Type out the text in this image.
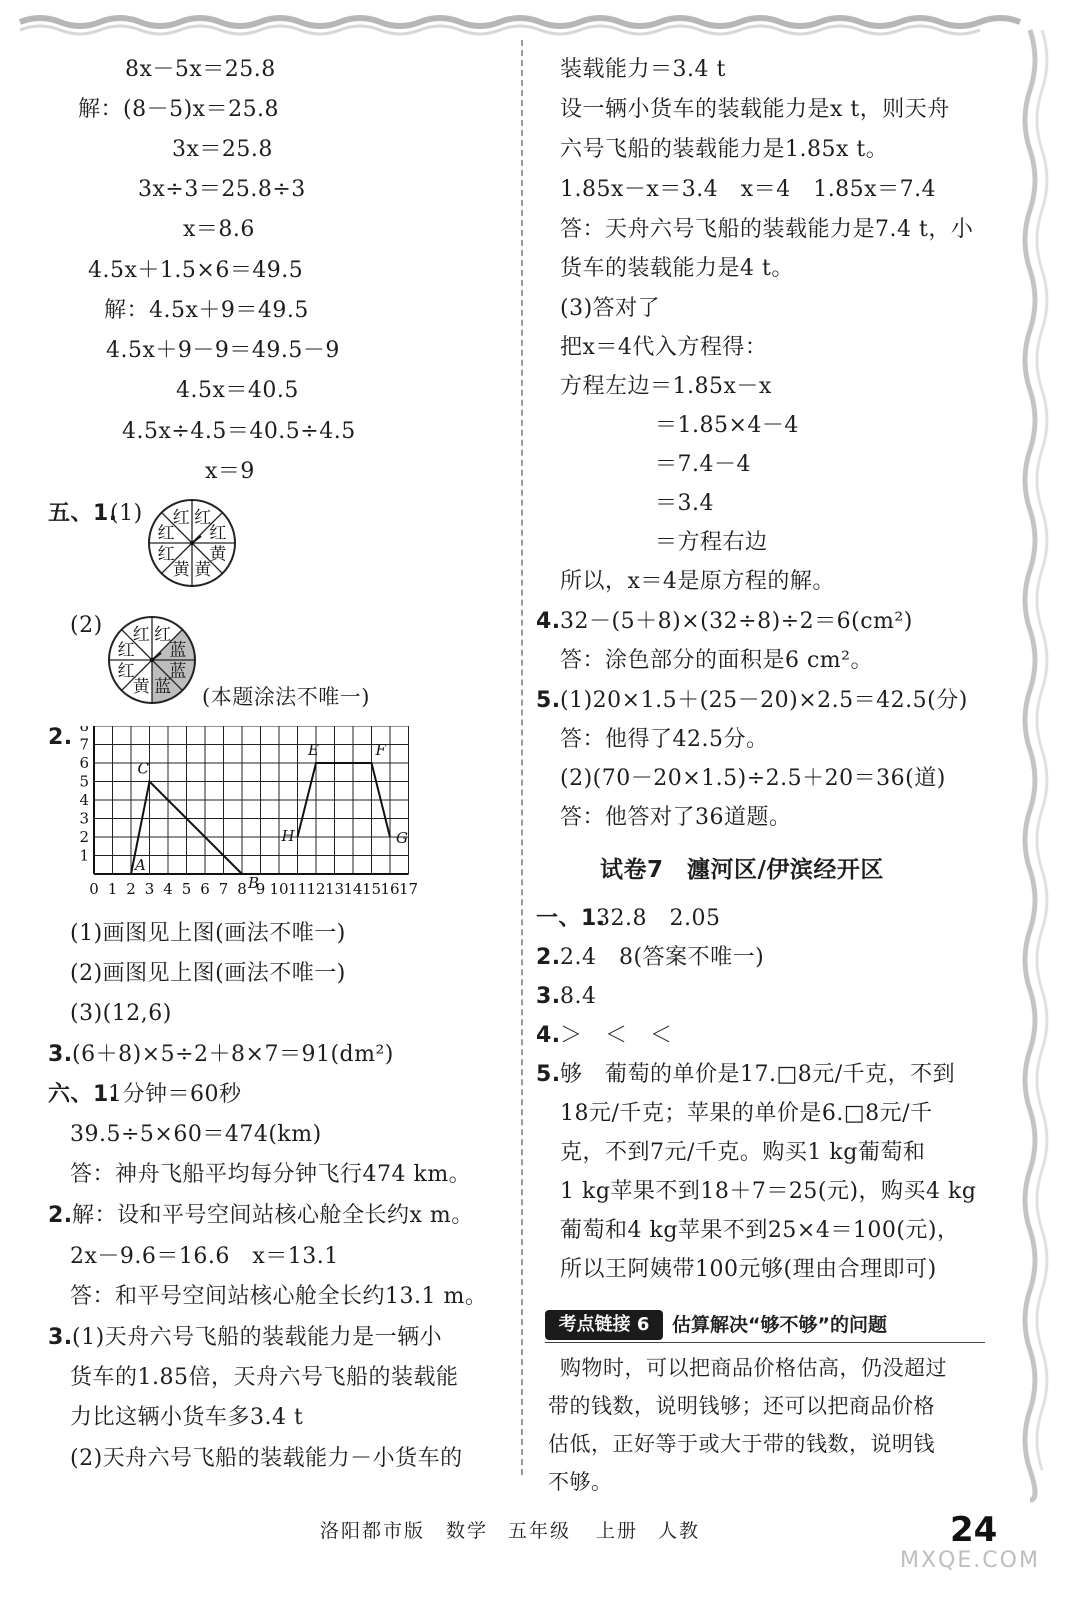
8x－5x＝25.8
解：(8－5)x＝25.8
3x＝25.8
3x÷3＝25.8÷3
x＝8.6
4.5x＋1.5×6＝49.5
解：4.5x＋9＝49.5
4.5x＋9－9＝49.5－9
4.5x＝40.5
4.5x÷4.5＝40.5÷4.5
x＝9
五、1.
(1)	红
红
黄
黄
黄
红
红
红
(2)	红
蓝
蓝
蓝
黄
红
红
红
(本题涂法不唯一)
2.
0 1 2 3 4 5 6 7 8 9 10 11 12 13 14 15 16 17
1
2
3
4
5
6
7
8
A
C
B
H
E	F
G
(1)画图见上图(画法不唯一)
(2)画图见上图(画法不唯一)
(3)(12,6)
3. (6＋8)×5÷2＋8×7＝91(dm²)
六、1.
1分钟＝60秒
39.5÷5×60＝474(km)
答：神舟飞船平均每分钟飞行474 km。
2. 解：设和平号空间站核心舱全长约x m。
2x－9.6＝16.6　x＝13.1
答：和平号空间站核心舱全长约13.1 m。
3. (1)天舟六号飞船的装载能力是一辆小
货车的1.85倍，天舟六号飞船的装载能
力比这辆小货车多3.4 t
(2)天舟六号飞船的装载能力－小货车的
装载能力＝3.4 t
设一辆小货车的装载能力是x t，则天舟
六号飞船的装载能力是1.85x t。
1.85x－x＝3.4　x＝4　1.85x＝7.4
答：天舟六号飞船的装载能力是7.4 t，小
货车的装载能力是4 t。
(3)答对了
把x＝4代入方程得：
方程左边＝1.85x－x
＝1.85×4－4
＝7.4－4
＝3.4
＝方程右边
所以，x＝4是原方程的解。
4. 32－(5＋8)×(32÷8)÷2＝6(cm²)
答：涂色部分的面积是6 cm²。
5. (1)20×1.5＋(25－20)×2.5＝42.5(分)
答：他得了42.5分。
(2)(70－20×1.5)÷2.5＋20＝36(道)
答：他答对了36道题。
试卷7　瀍河区/伊滨经开区
一、1.
32.8　2.05
2. 2.4　8(答案不唯一)
3. 8.4
4. ＞　＜　＜
5. 够　葡萄的单价是17.□8元/千克，不到
18元/千克；苹果的单价是6.□8元/千
克，不到7元/千克。购买1 kg葡萄和
1 kg苹果不到18＋7＝25(元)，购买4 kg
葡萄和4 kg苹果不到25×4＝100(元)，
所以王阿姨带100元够(理由合理即可)
考点链接 6	估算解决“够不够”的问题
购物时，可以把商品价格估高，仍没超过
带的钱数，说明钱够；还可以把商品价格
估低，正好等于或大于带的钱数，说明钱
不够。
洛阳都市版 数学 五年级 上册 人教	24
MXQE.COM
